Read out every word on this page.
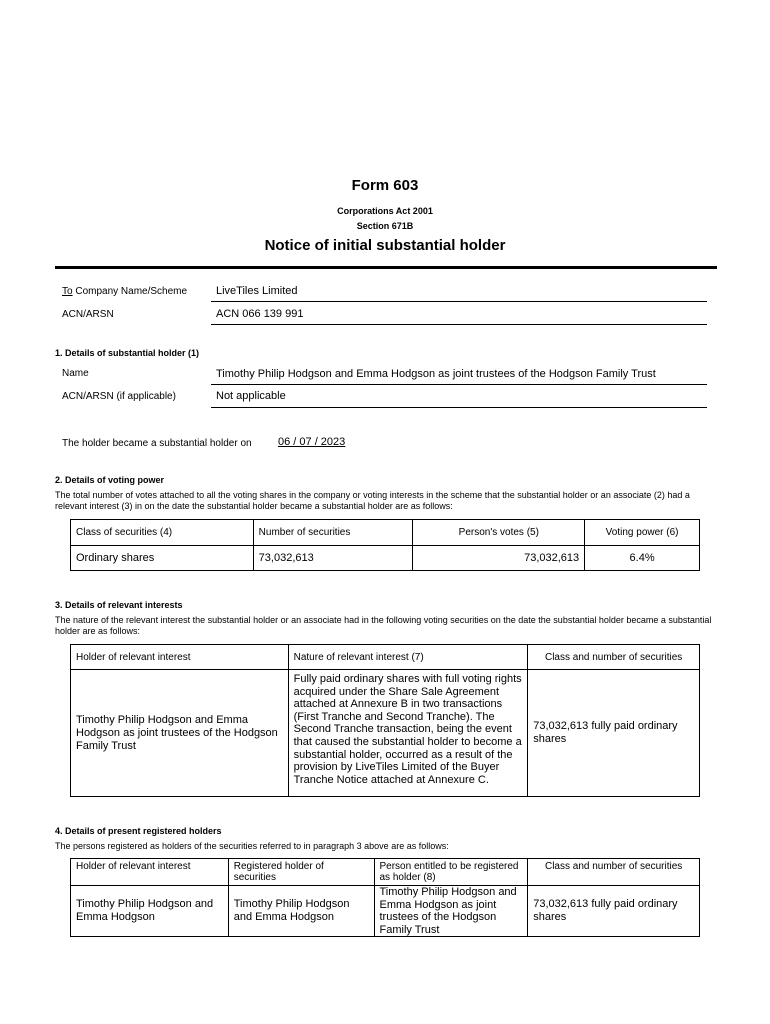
Form 603
Corporations Act 2001
Section 671B
Notice of initial substantial holder
To Company Name/Scheme	LiveTiles Limited
ACN/ARSN	ACN 066 139 991
1. Details of substantial holder (1)
Name	Timothy Philip Hodgson and Emma Hodgson as joint trustees of the Hodgson Family Trust
ACN/ARSN (if applicable)	Not applicable
The holder became a substantial holder on 06 / 07 / 2023
2. Details of voting power
The total number of votes attached to all the voting shares in the company or voting interests in the scheme that the substantial holder or an associate (2) had a relevant interest (3) in on the date the substantial holder became a substantial holder are as follows:
Class of securities (4)	Number of securities	Person's votes (5)	Voting power (6)
Ordinary shares	73,032,613	73,032,613	6.4%
3. Details of relevant interests
The nature of the relevant interest the substantial holder or an associate had in the following voting securities on the date the substantial holder became a substantial holder are as follows:
Holder of relevant interest	Nature of relevant interest (7)	Class and number of securities
Timothy Philip Hodgson and Emma Hodgson as joint trustees of the Hodgson Family Trust	Fully paid ordinary shares with full voting rights acquired under the Share Sale Agreement attached at Annexure B in two transactions (First Tranche and Second Tranche). The Second Tranche transaction, being the event that caused the substantial holder to become a substantial holder, occurred as a result of the provision by LiveTiles Limited of the Buyer Tranche Notice attached at Annexure C.	73,032,613 fully paid ordinary shares
4. Details of present registered holders
The persons registered as holders of the securities referred to in paragraph 3 above are as follows:
Holder of relevant interest	Registered holder of securities	Person entitled to be registered as holder (8)	Class and number of securities
Timothy Philip Hodgson and Emma Hodgson	Timothy Philip Hodgson and Emma Hodgson	Timothy Philip Hodgson and Emma Hodgson as joint trustees of the Hodgson Family Trust	73,032,613 fully paid ordinary shares
